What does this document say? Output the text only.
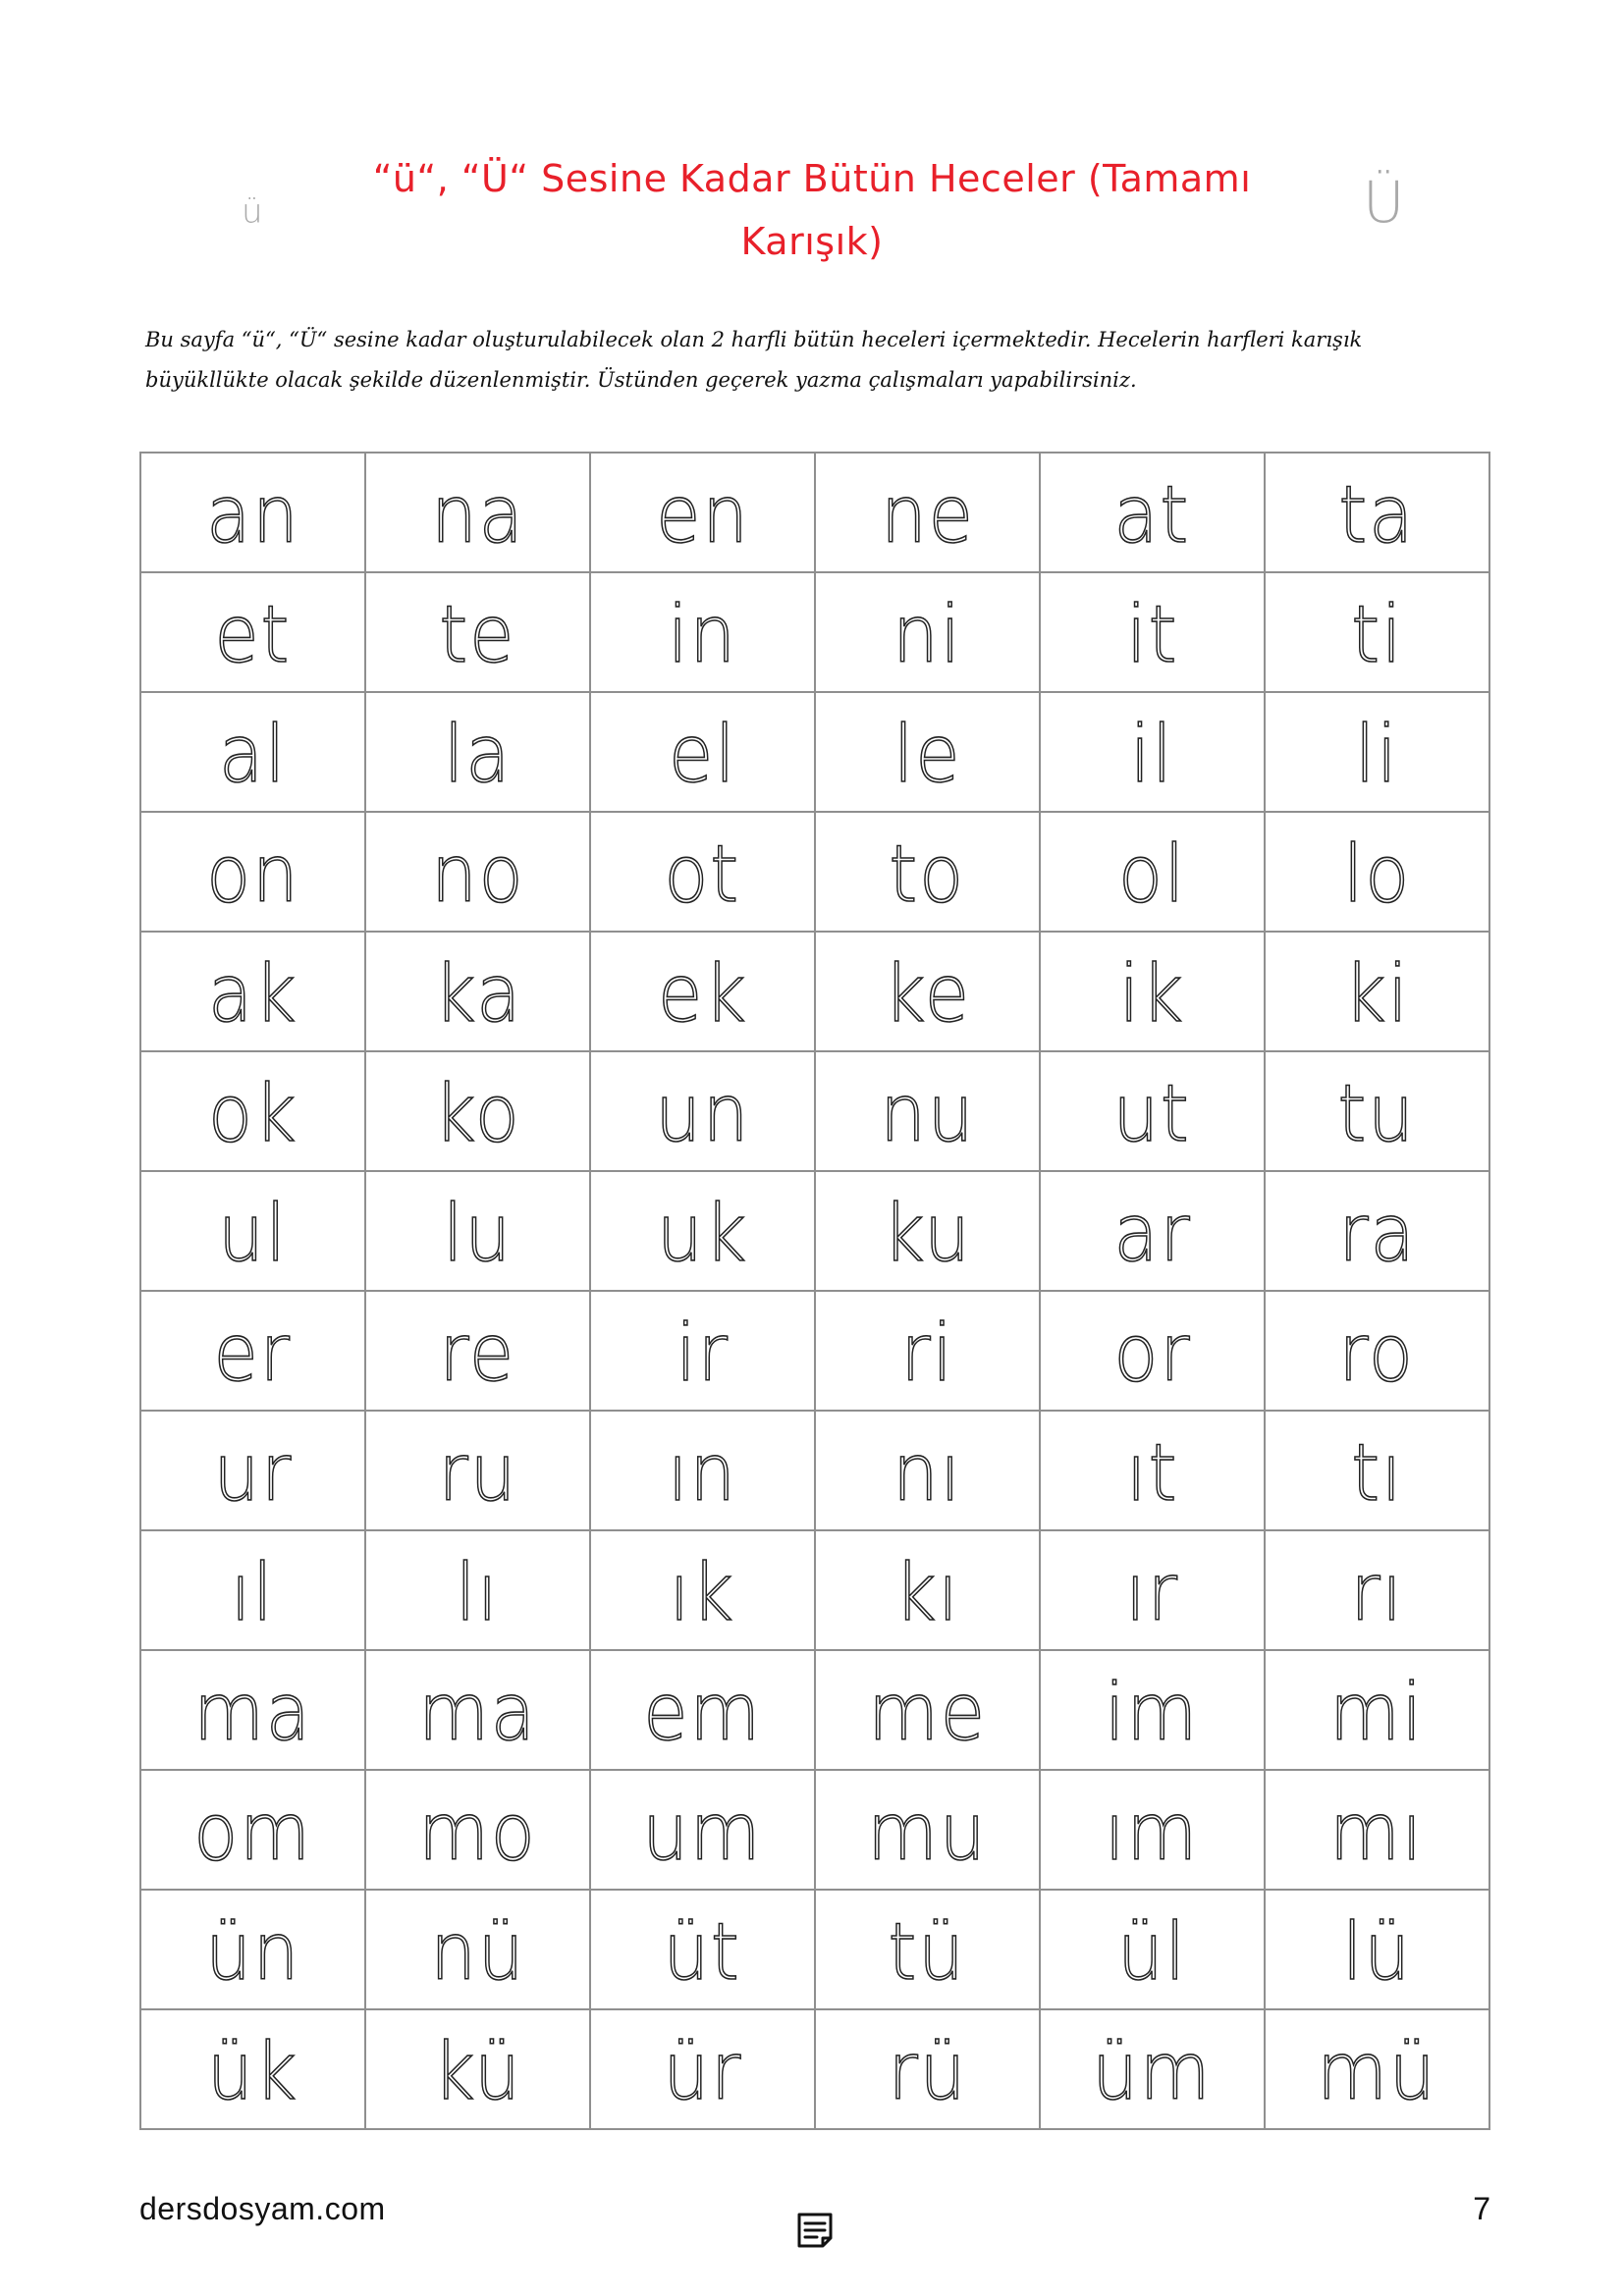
ü	Ü
“ü“, “Ü“ Sesine Kadar Bütün Heceler (Tamamı
Karışık)
Bu sayfa “ü“, “Ü“ sesine kadar oluşturulabilecek olan 2 harfli bütün heceleri içermektedir. Hecelerin harfleri karışık
büyükllükte olacak şekilde düzenlenmiştir. Üstünden geçerek yazma çalışmaları yapabilirsiniz.
an	na	en	ne	at	ta
et	te	in	ni	it	ti
al	la	el	le	il	li
on	no	ot	to	ol	lo
ak	ka	ek	ke	ik	ki
ok	ko	un	nu	ut	tu
ul	lu	uk	ku	ar	ra
er	re	ir	ri	or	ro
ur	ru	ın	nı	ıt	tı
ıl	lı	ık	kı	ır	rı
ma	ma	em	me	im	mi
om	mo	um	mu	ım	mı
ün	nü	üt	tü	ül	lü
ük	kü	ür	rü	üm	mü
dersdosyam.com	7
